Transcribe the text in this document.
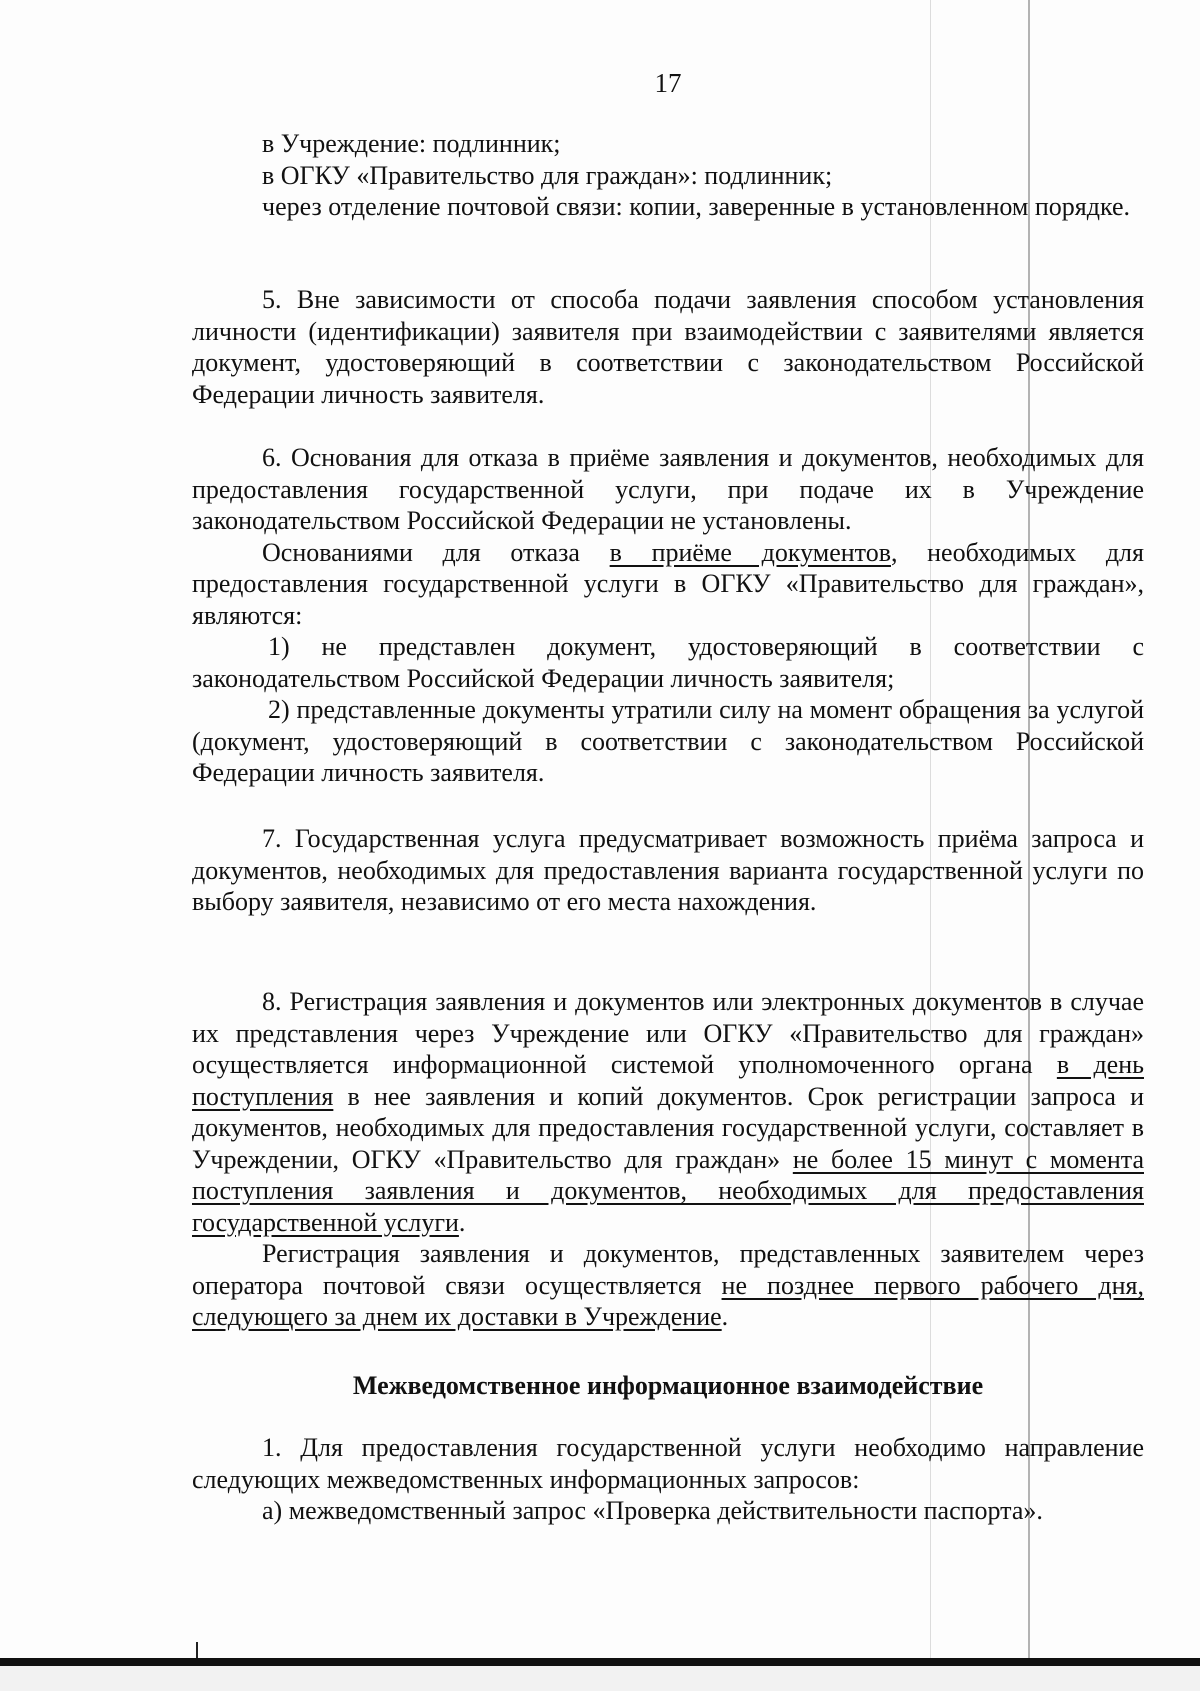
17

в Учреждение: подлинник;

в ОГКУ «Правительство для граждан»: подлинник;

через отделение почтовой связи: копии, заверенные в установленном порядке.

5. Вне зависимости от способа подачи заявления способом установления личности (идентификации) заявителя при взаимодействии с заявителями является документ, удостоверяющий в соответствии с законодательством Российской Федерации личность заявителя.

6. Основания для отказа в приёме заявления и документов, необходимых для предоставления государственной услуги, при подаче их в Учреждение законодательством Российской Федерации не установлены.

Основаниями для отказа в приёме документов, необходимых для предоставления государственной услуги в ОГКУ «Правительство для граждан», являются:

1) не представлен документ, удостоверяющий в соответствии с законодательством Российской Федерации личность заявителя;

2) представленные документы утратили силу на момент обращения за услугой (документ, удостоверяющий в соответствии с законодательством Российской Федерации личность заявителя.

7. Государственная услуга предусматривает возможность приёма запроса и документов, необходимых для предоставления варианта государственной услуги по выбору заявителя, независимо от его места нахождения.

8. Регистрация заявления и документов или электронных документов в случае их представления через Учреждение или ОГКУ «Правительство для граждан» осуществляется информационной системой уполномоченного органа в день поступления в нее заявления и копий документов. Срок регистрации запроса и документов, необходимых для предоставления государственной услуги, составляет в Учреждении, ОГКУ «Правительство для граждан» не более 15 минут с момента поступления заявления и документов, необходимых для предоставления государственной услуги.

Регистрация заявления и документов, представленных заявителем через оператора почтовой связи осуществляется не позднее первого рабочего дня, следующего за днем их доставки в Учреждение.

Межведомственное информационное взаимодействие

1. Для предоставления государственной услуги необходимо направление следующих межведомственных информационных запросов:

а) межведомственный запрос «Проверка действительности паспорта».
